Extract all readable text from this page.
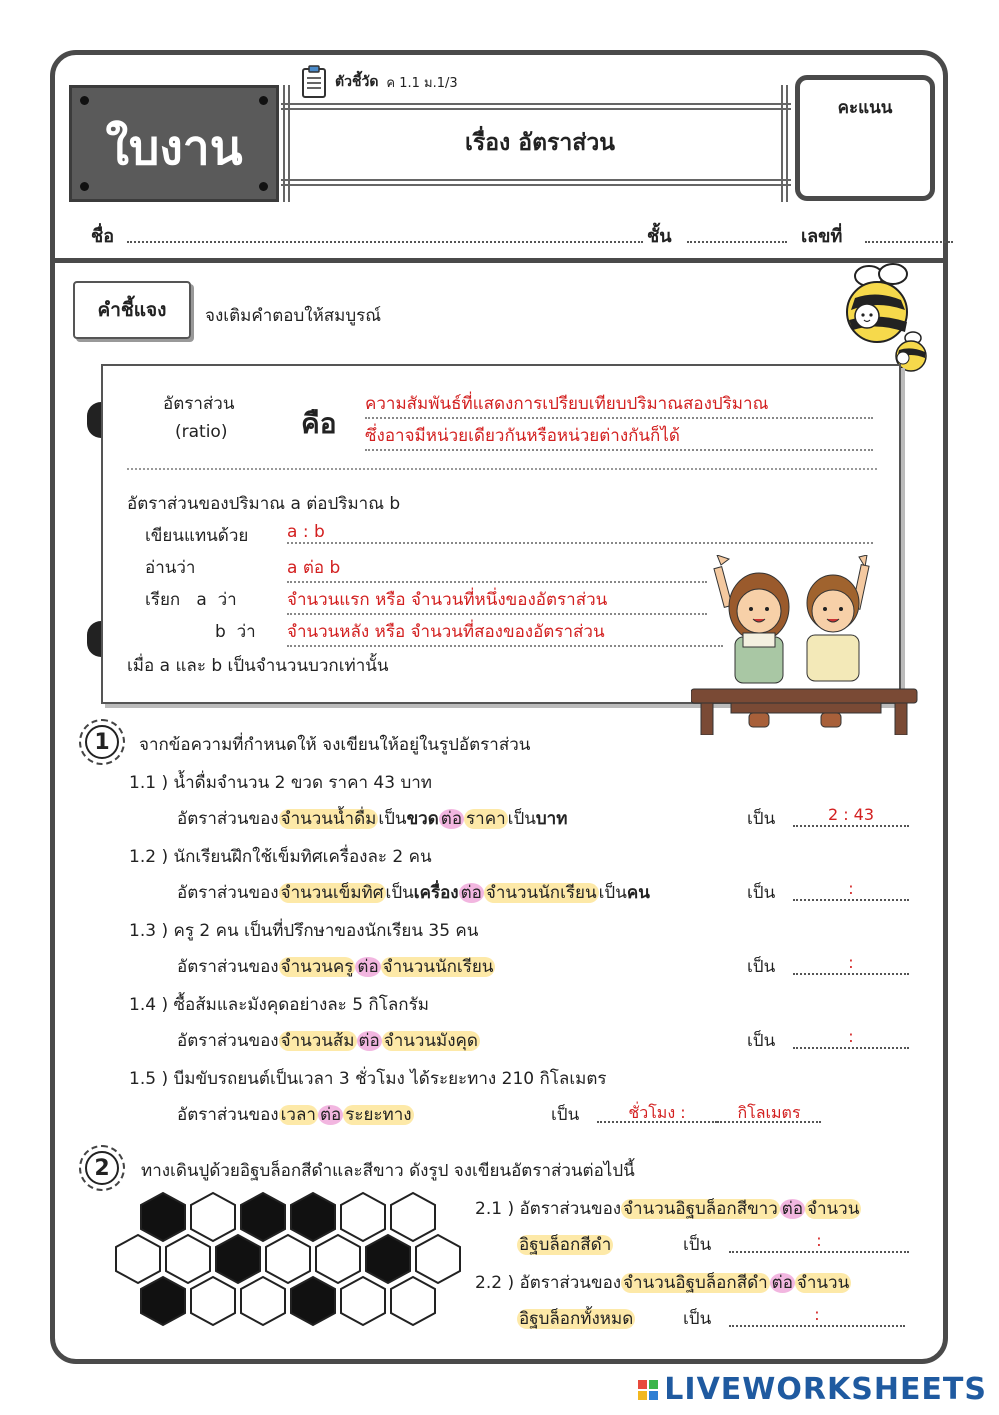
ใบงาน
ตัวชี้วัด ค 1.1 ม.1/3
เรื่อง อัตราส่วน
คะแนน
ชื่อ	ชั้น	เลขที่
คำชี้แจง	จงเติมคำตอบให้สมบูรณ์
อัตราส่วน
(ratio)	คือ
ความสัมพันธ์ที่แสดงการเปรียบเทียบปริมาณสองปริมาณ
ซึ่งอาจมีหน่วยเดียวกันหรือหน่วยต่างกันก็ได้
อัตราส่วนของปริมาณ a ต่อปริมาณ b
เขียนแทนด้วย a : b
อ่านว่า	a ต่อ b
เรียก   a  ว่า	จำนวนแรก หรือ จำนวนที่หนึ่งของอัตราส่วน
b  ว่า จำนวนหลัง หรือ จำนวนที่สองของอัตราส่วน
เมื่อ a และ b เป็นจำนวนบวกเท่านั้น
1	จากข้อความที่กำหนดให้ จงเขียนให้อยู่ในรูปอัตราส่วน
1.1 ) น้ำดื่มจำนวน 2 ขวด ราคา 43 บาท
อัตราส่วนของ จำนวนน้ำดื่ม เป็นขวด ต่อ ราคา เป็นบาท	เป็น	2 : 43
1.2 ) นักเรียนฝึกใช้เข็มทิศเครื่องละ 2 คน
อัตราส่วนของ จำนวนเข็มทิศ เป็นเครื่อง ต่อ จำนวนนักเรียน เป็นคน	เป็น	:
1.3 ) ครู 2 คน เป็นที่ปรึกษาของนักเรียน 35 คน
อัตราส่วนของ จำนวนครู ต่อ จำนวนนักเรียน	เป็น	:
1.4 ) ซื้อส้มและมังคุดอย่างละ 5 กิโลกรัม
อัตราส่วนของ จำนวนส้ม ต่อ จำนวนมังคุด	เป็น	:
1.5 ) บีมขับรถยนต์เป็นเวลา 3 ชั่วโมง ได้ระยะทาง 210 กิโลเมตร
อัตราส่วนของ เวลา ต่อ ระยะทาง	เป็น	ชั่วโมง :	กิโลเมตร
2	ทางเดินปูด้วยอิฐบล็อกสีดำและสีขาว ดังรูป จงเขียนอัตราส่วนต่อไปนี้
2.1 ) อัตราส่วนของ จำนวนอิฐบล็อกสีขาว ต่อ จำนวน
อิฐบล็อกสีดำ	เป็น	:
2.2 ) อัตราส่วนของ จำนวนอิฐบล็อกสีดำ ต่อ จำนวน
อิฐบล็อกทั้งหมด	เป็น	:
LIVEWORKSHEETS
